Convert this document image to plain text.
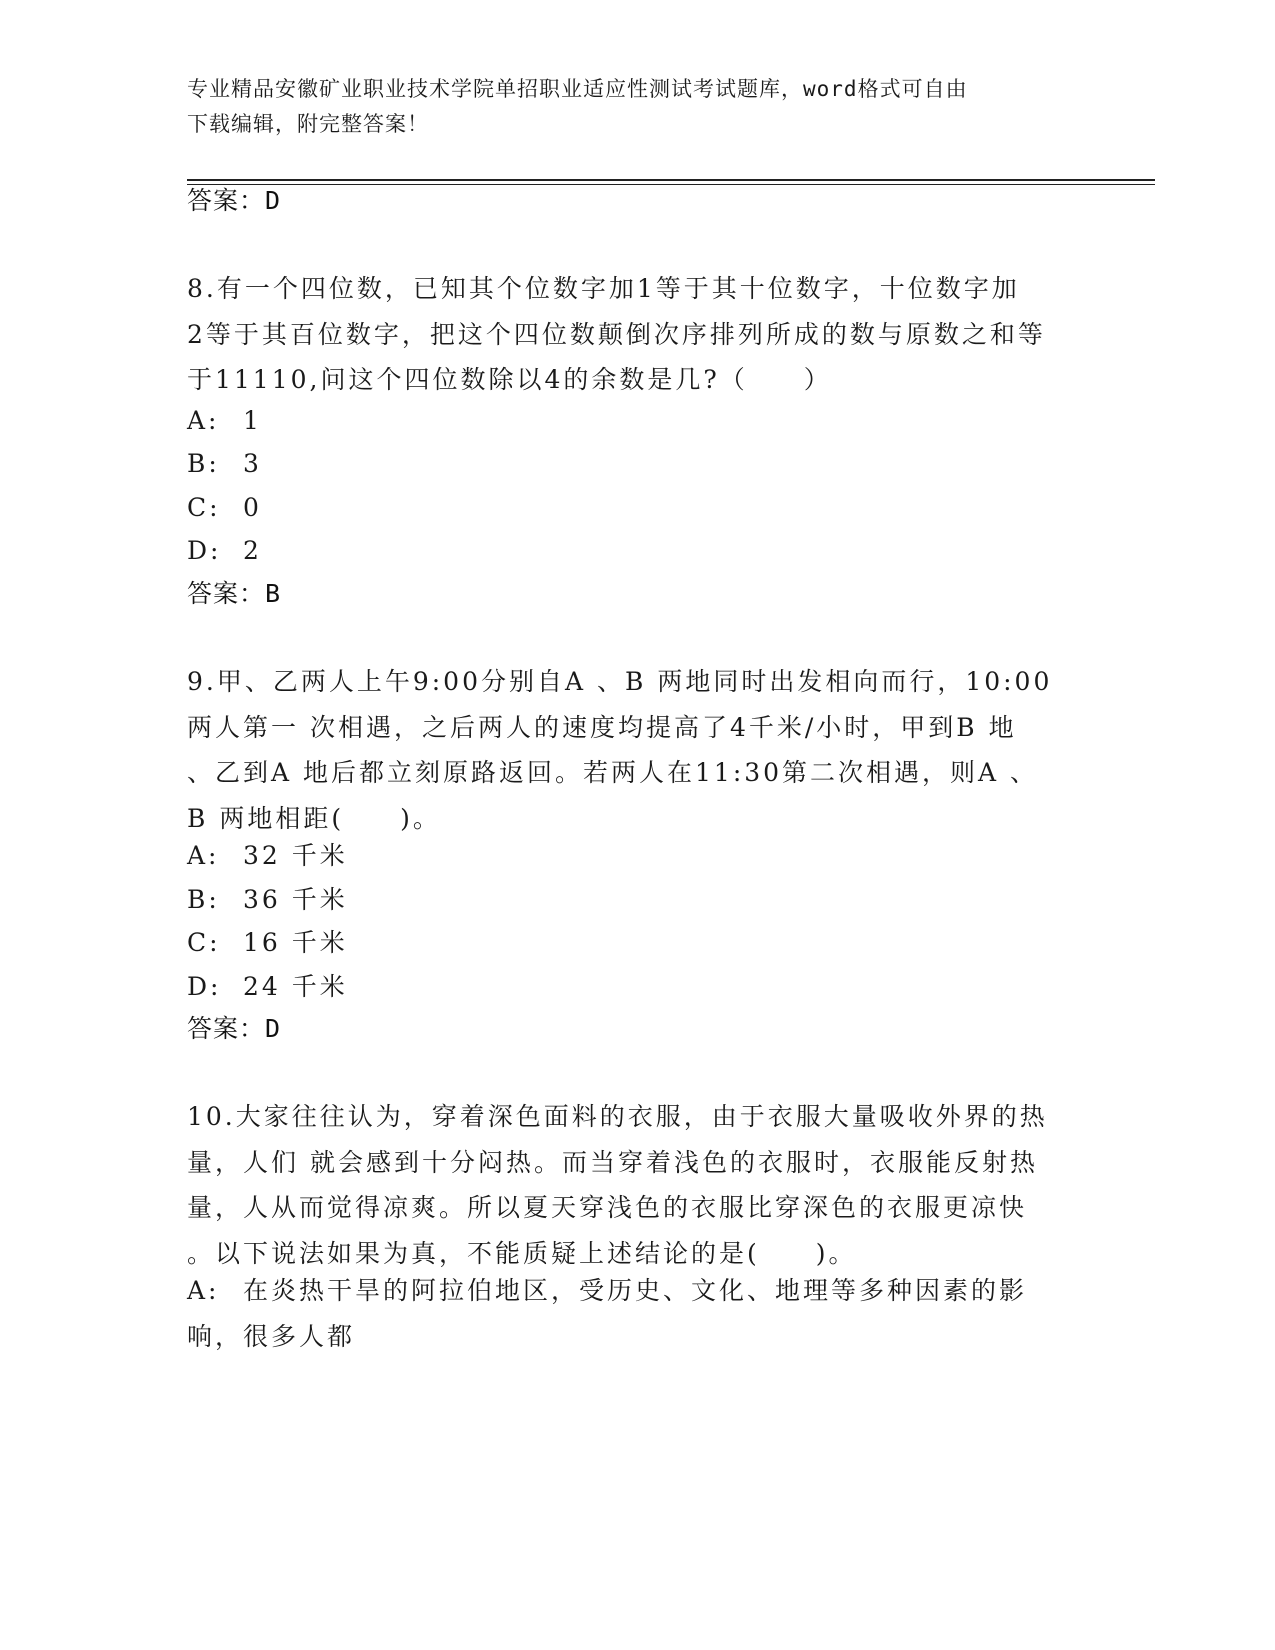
专业精品安徽矿业职业技术学院单招职业适应性测试考试题库，word格式可自由
下载编辑，附完整答案！
答案：D
8.有一个四位数，已知其个位数字加1等于其十位数字，十位数字加
2等于其百位数字，把这个四位数颠倒次序排列所成的数与原数之和等
于11110,问这个四位数除以4的余数是几?（　　）
A: 1
B: 3
C: 0
D: 2
答案：B
9.甲、乙两人上午9:00分别自A 、B 两地同时出发相向而行，10:00
两人第一 次相遇，之后两人的速度均提高了4千米/小时，甲到B 地
、乙到A 地后都立刻原路返回。若两人在11:30第二次相遇，则A 、
B 两地相距(　　)。
A: 32 千米
B: 36 千米
C: 16 千米
D: 24 千米
答案：D
10.大家往往认为，穿着深色面料的衣服，由于衣服大量吸收外界的热
量，人们 就会感到十分闷热。而当穿着浅色的衣服时，衣服能反射热
量，人从而觉得凉爽。所以夏天穿浅色的衣服比穿深色的衣服更凉快
。以下说法如果为真，不能质疑上述结论的是(　　)。
A: 在炎热干旱的阿拉伯地区，受历史、文化、地理等多种因素的影
响，很多人都
